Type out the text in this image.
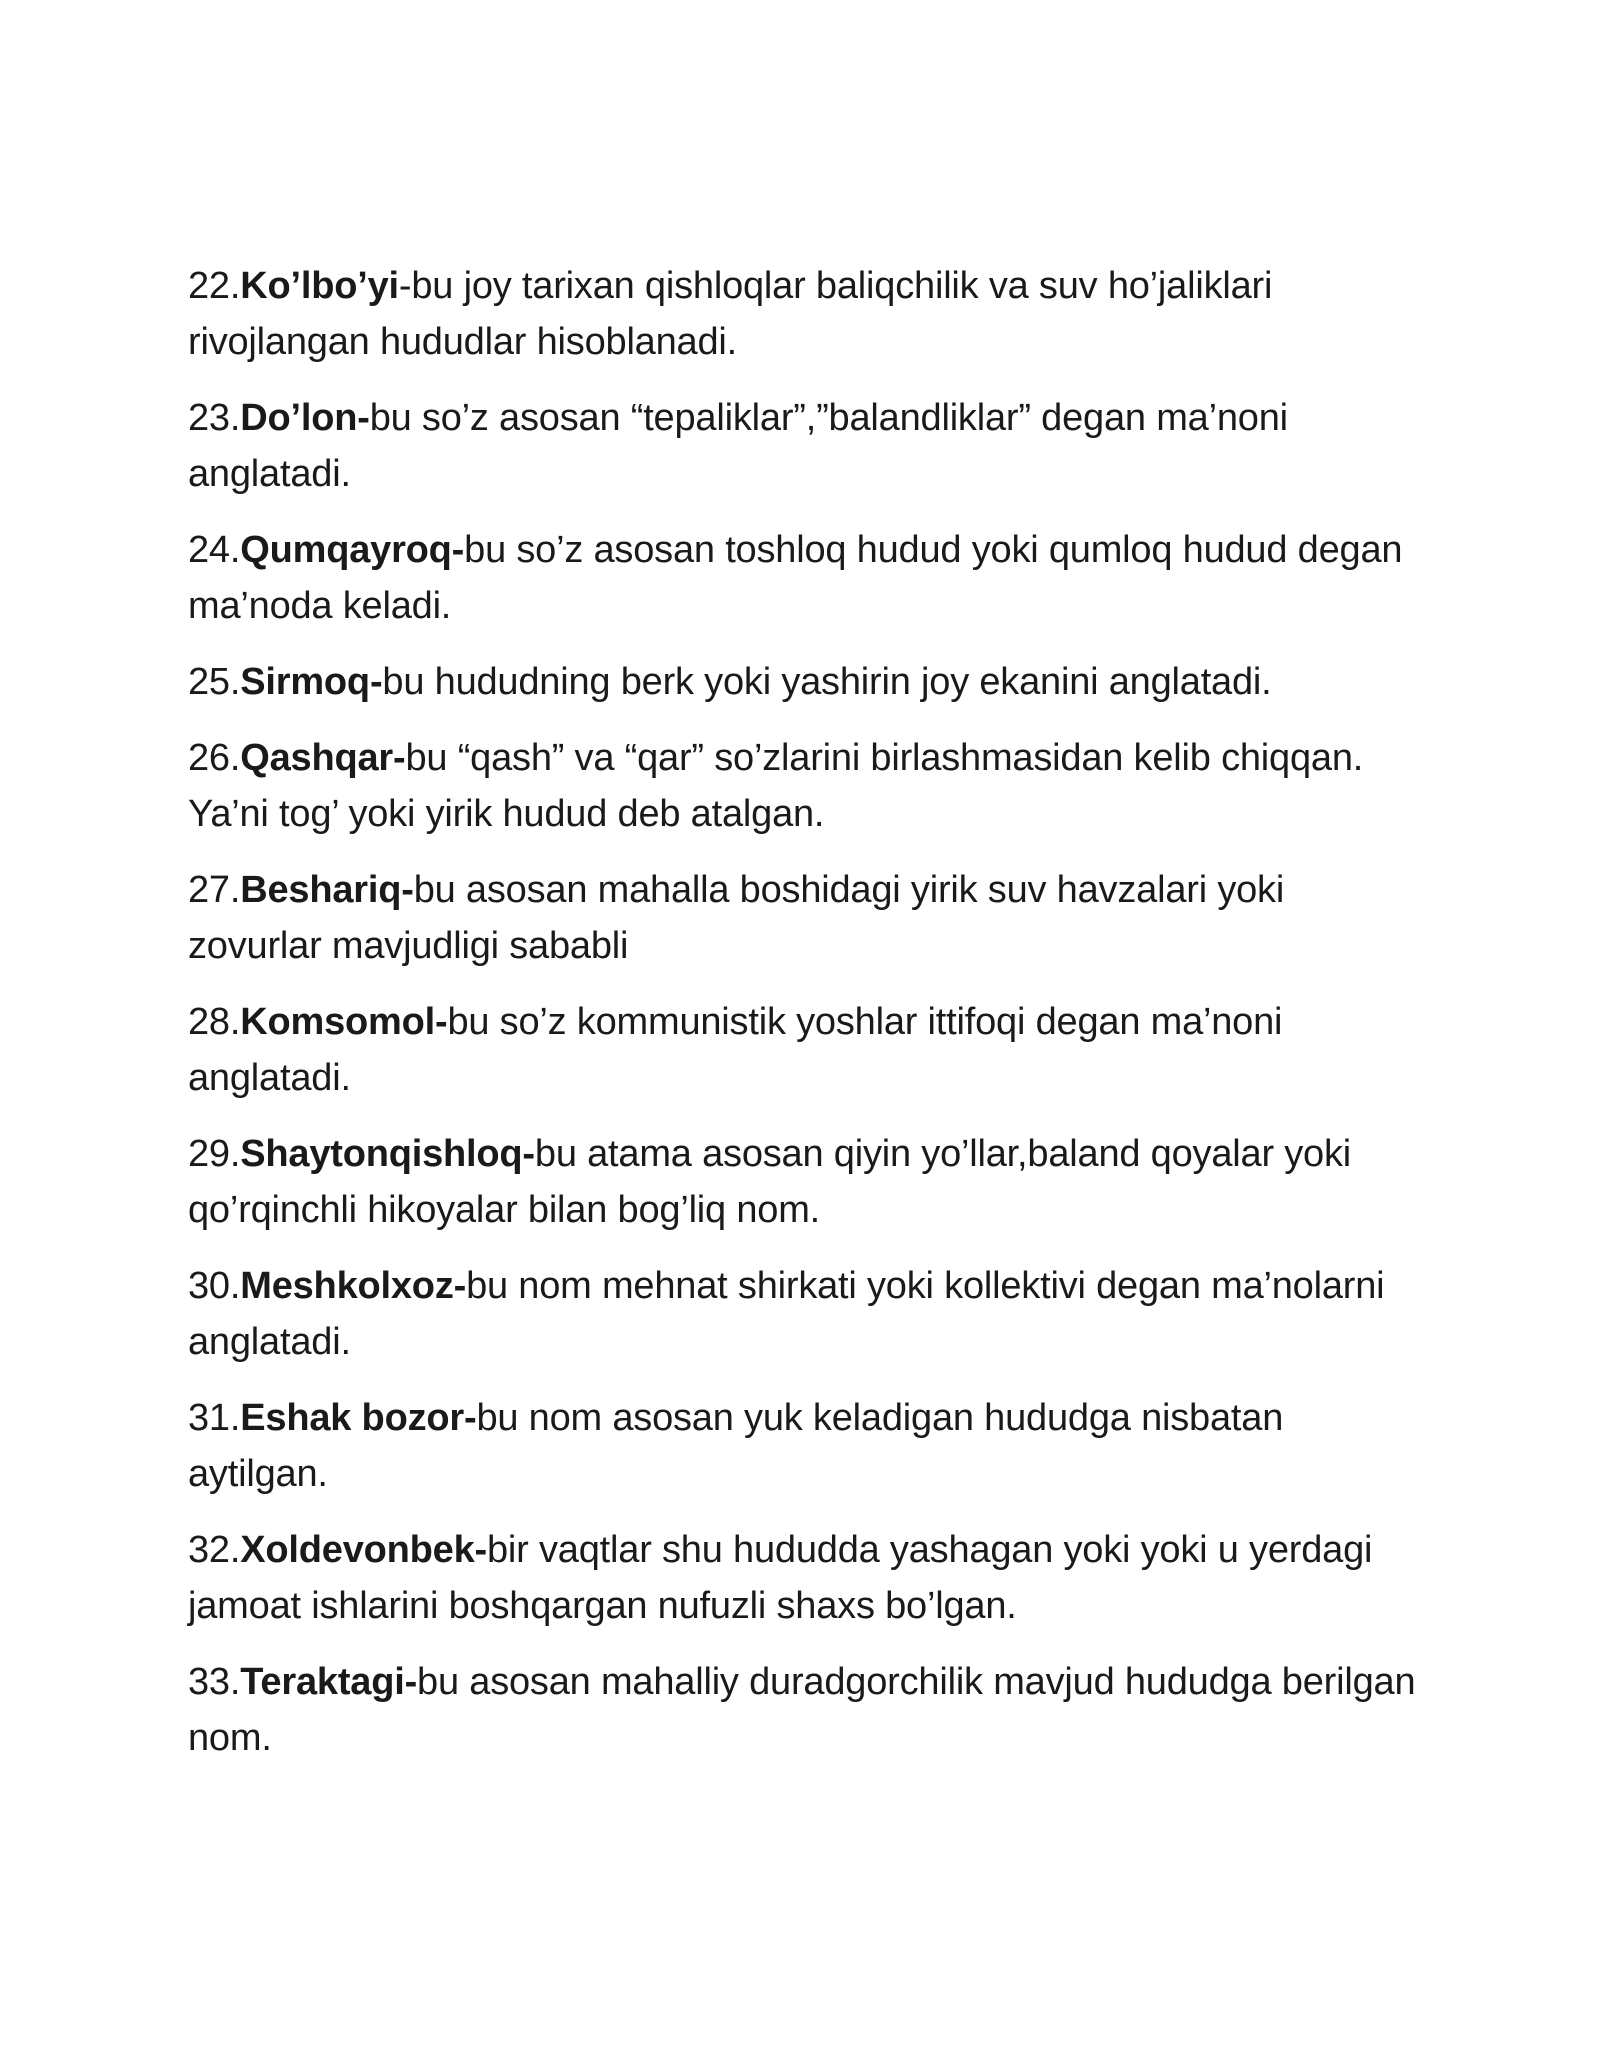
22.Ko’lbo’yi-bu joy tarixan qishloqlar baliqchilik va suv ho’jaliklari rivojlangan hududlar hisoblanadi.

23.Do’lon-bu so’z asosan “tepaliklar”,”balandliklar” degan ma’noni anglatadi.

24.Qumqayroq-bu so’z asosan toshloq hudud yoki qumloq hudud degan ma’noda keladi.

25.Sirmoq-bu hududning berk yoki yashirin joy ekanini anglatadi.

26.Qashqar-bu “qash” va “qar” so’zlarini birlashmasidan kelib chiqqan. Ya’ni tog’ yoki yirik hudud deb atalgan.

27.Beshariq-bu asosan mahalla boshidagi yirik suv havzalari yoki zovurlar mavjudligi sababli

28.Komsomol-bu so’z kommunistik yoshlar ittifoqi degan ma’noni anglatadi.

29.Shaytonqishloq-bu atama asosan qiyin yo’llar,baland qoyalar yoki qo’rqinchli hikoyalar bilan bog’liq nom.

30.Meshkolxoz-bu nom mehnat shirkati yoki kollektivi degan ma’nolarni anglatadi.

31.Eshak bozor-bu nom asosan yuk keladigan hududga nisbatan aytilgan.

32.Xoldevonbek-bir vaqtlar shu hududda yashagan yoki yoki u yerdagi jamoat ishlarini boshqargan nufuzli shaxs bo’lgan.

33.Teraktagi-bu asosan mahalliy duradgorchilik mavjud hududga berilgan nom.
